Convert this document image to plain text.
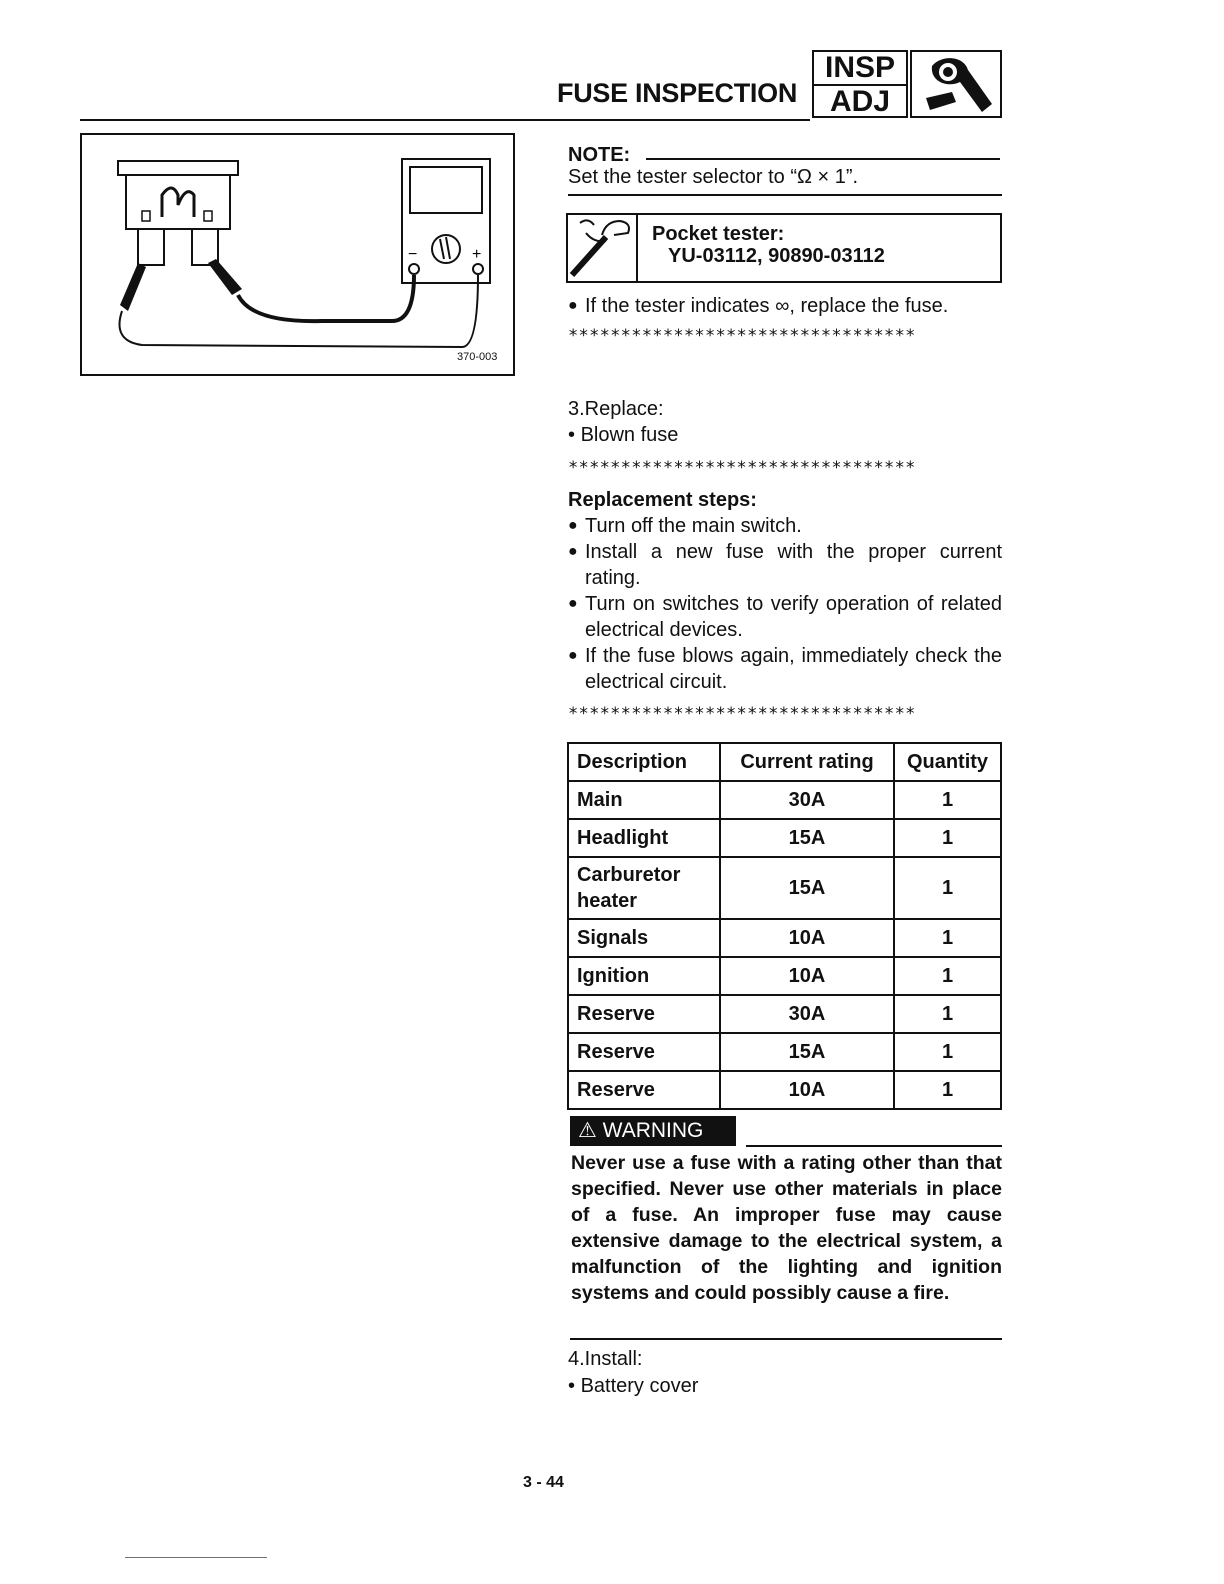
FUSE INSPECTION
INSP
ADJ
−	+
370-003
NOTE:
Set the tester selector to “Ω × 1”.
Pocket tester:
YU-03112, 90890-03112
● If the tester indicates ∞, replace the fuse.
*********************************
3.Replace:
• Blown fuse
*********************************
Replacement steps:
● Turn off the main switch.
● Install a new fuse with the proper current rating.
● Turn on switches to verify operation of related electrical devices.
● If the fuse blows again, immediately check the electrical circuit.
*********************************
Description	Current rating	Quantity
Main	30A	1
Headlight	15A	1
Carburetor heater	15A	1
Signals	10A	1
Ignition	10A	1
Reserve	30A	1
Reserve	15A	1
Reserve	10A	1
⚠ WARNING
Never use a fuse with a rating other than that specified. Never use other materials in place of a fuse. An improper fuse may cause extensive damage to the electrical system, a malfunction of the lighting and ignition systems and could possibly cause a fire.
4.Install:
• Battery cover
3 - 44
